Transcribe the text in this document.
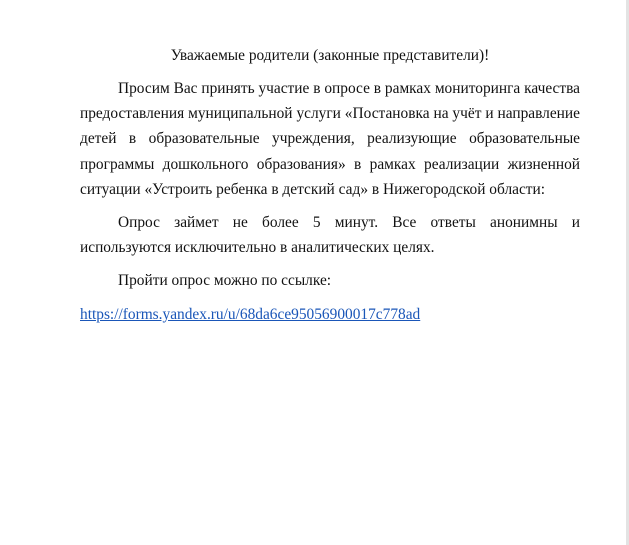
Уважаемые родители (законные представители)!

Просим Вас принять участие в опросе в рамках мониторинга качества предоставления муниципальной услуги «Постановка на учёт и направление детей в образовательные учреждения, реализующие образовательные программы дошкольного образования» в рамках реализации жизненной ситуации «Устроить ребенка в детский сад» в Нижегородской области:

Опрос займет не более 5 минут. Все ответы анонимны и используются исключительно в аналитических целях.

Пройти опрос можно по ссылке:

https://forms.yandex.ru/u/68da6ce95056900017c778ad
